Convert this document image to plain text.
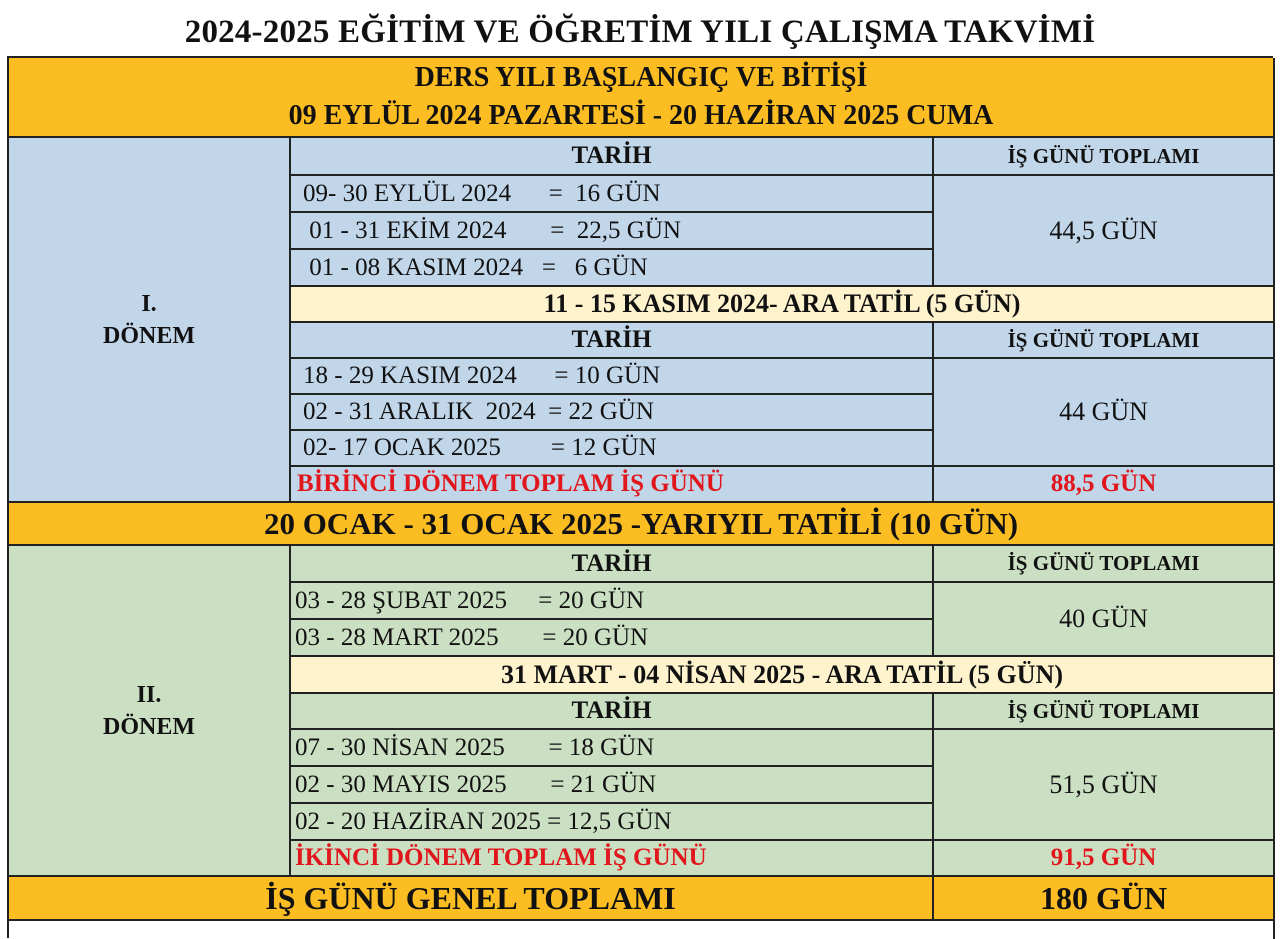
2024-2025 EĞİTİM VE ÖĞRETİM YILI ÇALIŞMA TAKVİMİ
DERS YILI BAŞLANGIÇ VE BİTİŞİ
09 EYLÜL 2024 PAZARTESİ - 20 HAZİRAN 2025 CUMA
I.
DÖNEM
TARİH	İŞ GÜNÜ TOPLAMI
09- 30 EYLÜL 2024      =  16 GÜN
01 - 31 EKİM 2024       =  22,5 GÜN
01 - 08 KASIM 2024   =   6 GÜN
44,5 GÜN
11 - 15 KASIM 2024- ARA TATİL (5 GÜN)
TARİH	İŞ GÜNÜ TOPLAMI
18 - 29 KASIM 2024      = 10 GÜN
02 - 31 ARALIK  2024  = 22 GÜN
02- 17 OCAK 2025        = 12 GÜN
44 GÜN
BİRİNCİ DÖNEM TOPLAM İŞ GÜNÜ	88,5 GÜN
20 OCAK - 31 OCAK 2025 -YARIYIL TATİLİ (10 GÜN)
II.
DÖNEM
TARİH	İŞ GÜNÜ TOPLAMI
03 - 28 ŞUBAT 2025     = 20 GÜN
03 - 28 MART 2025       = 20 GÜN
40 GÜN
31 MART - 04 NİSAN 2025 - ARA TATİL (5 GÜN)
TARİH	İŞ GÜNÜ TOPLAMI
07 - 30 NİSAN 2025       = 18 GÜN
02 - 30 MAYIS 2025       = 21 GÜN
02 - 20 HAZİRAN 2025 = 12,5 GÜN
51,5 GÜN
İKİNCİ DÖNEM TOPLAM İŞ GÜNÜ	91,5 GÜN
İŞ GÜNÜ GENEL TOPLAMI	180 GÜN
